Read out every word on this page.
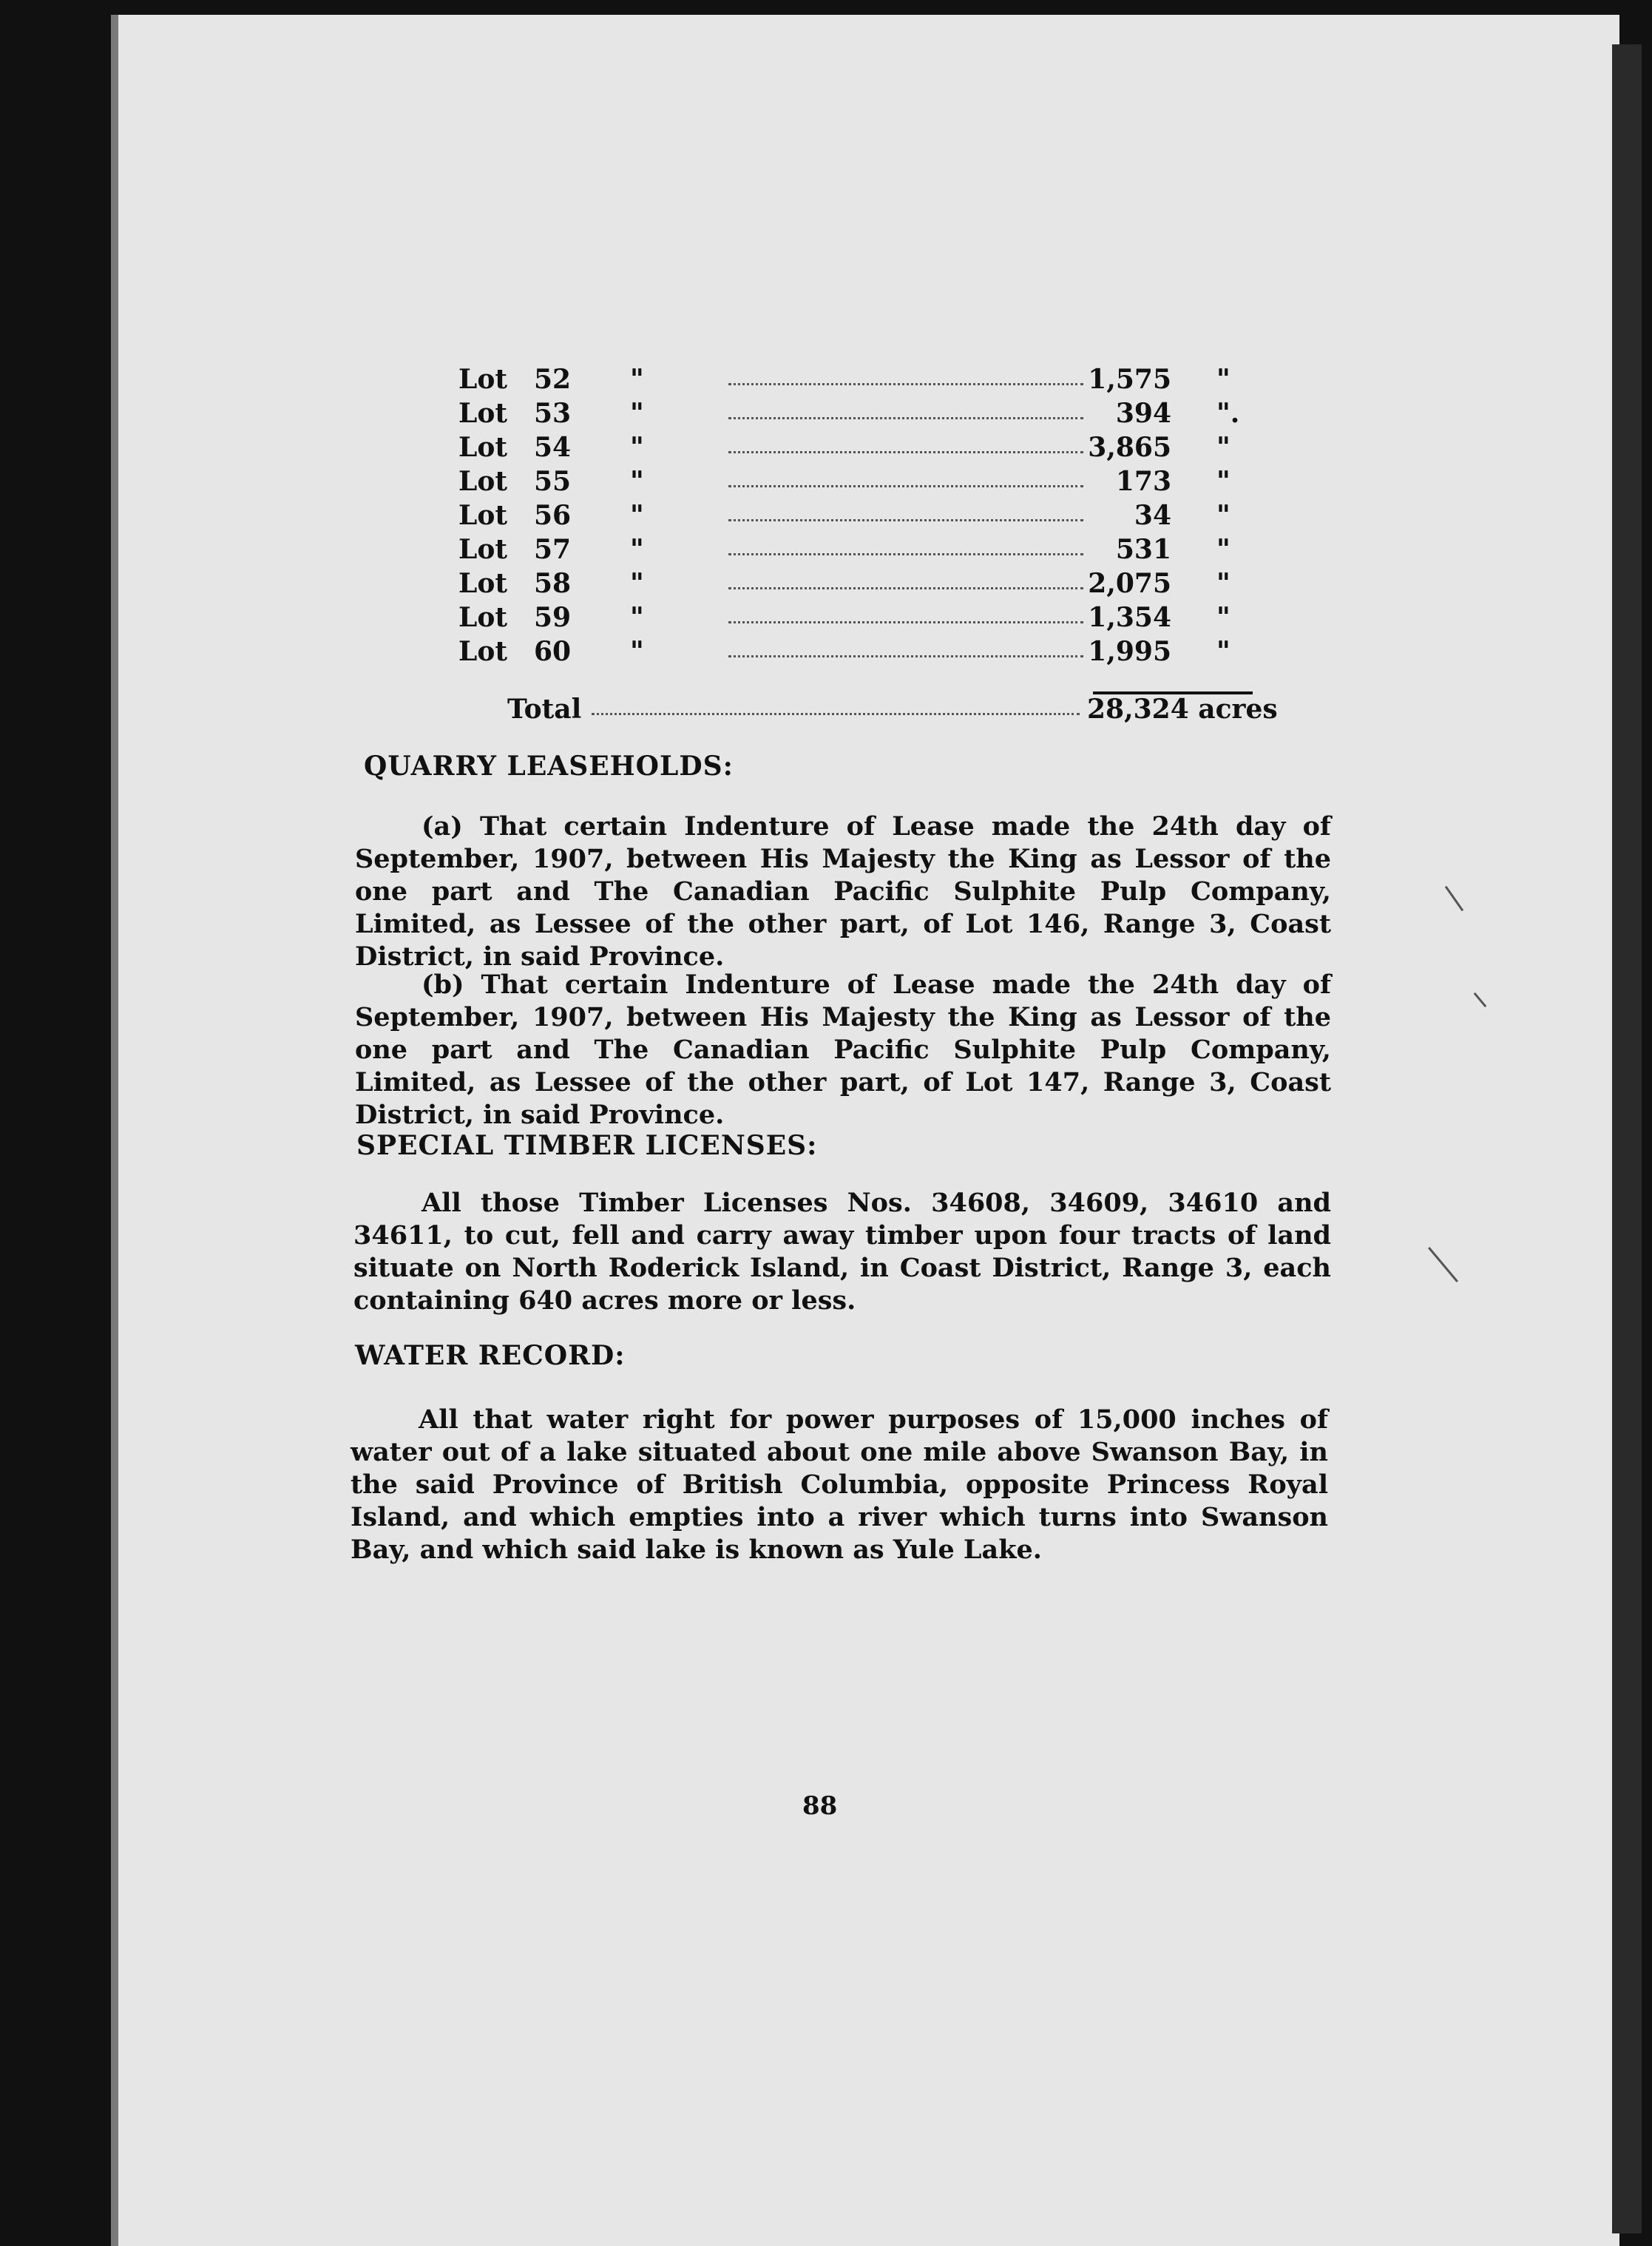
Lot 52 "	1,575 "
Lot 53 "	394 ".
Lot 54 "	3,865 "
Lot 55 "	173 "
Lot 56 "	34 "
Lot 57 "	531 "
Lot 58 "	2,075 "
Lot 59 "	1,354 "
Lot 60 "	1,995 "
Total	28,324 acres
QUARRY LEASEHOLDS:

(a) That certain Indenture of Lease made the 24th day of September, 1907, between His Majesty the King as Lessor of the one part and The Canadian Pacific Sulphite Pulp Company, Limited, as Lessee of the other part, of Lot 146, Range 3, Coast District, in said Province.

(b) That certain Indenture of Lease made the 24th day of September, 1907, between His Majesty the King as Lessor of the one part and The Canadian Pacific Sulphite Pulp Company, Limited, as Lessee of the other part, of Lot 147, Range 3, Coast District, in said Province.

SPECIAL TIMBER LICENSES:

All those Timber Licenses Nos. 34608, 34609, 34610 and 34611, to cut, fell and carry away timber upon four tracts of land situate on North Roderick Island, in Coast District, Range 3, each containing 640 acres more or less.

WATER RECORD:

All that water right for power purposes of 15,000 inches of water out of a lake situated about one mile above Swanson Bay, in the said Province of British Columbia, opposite Princess Royal Island, and which empties into a river which turns into Swanson Bay, and which said lake is known as Yule Lake.

88
